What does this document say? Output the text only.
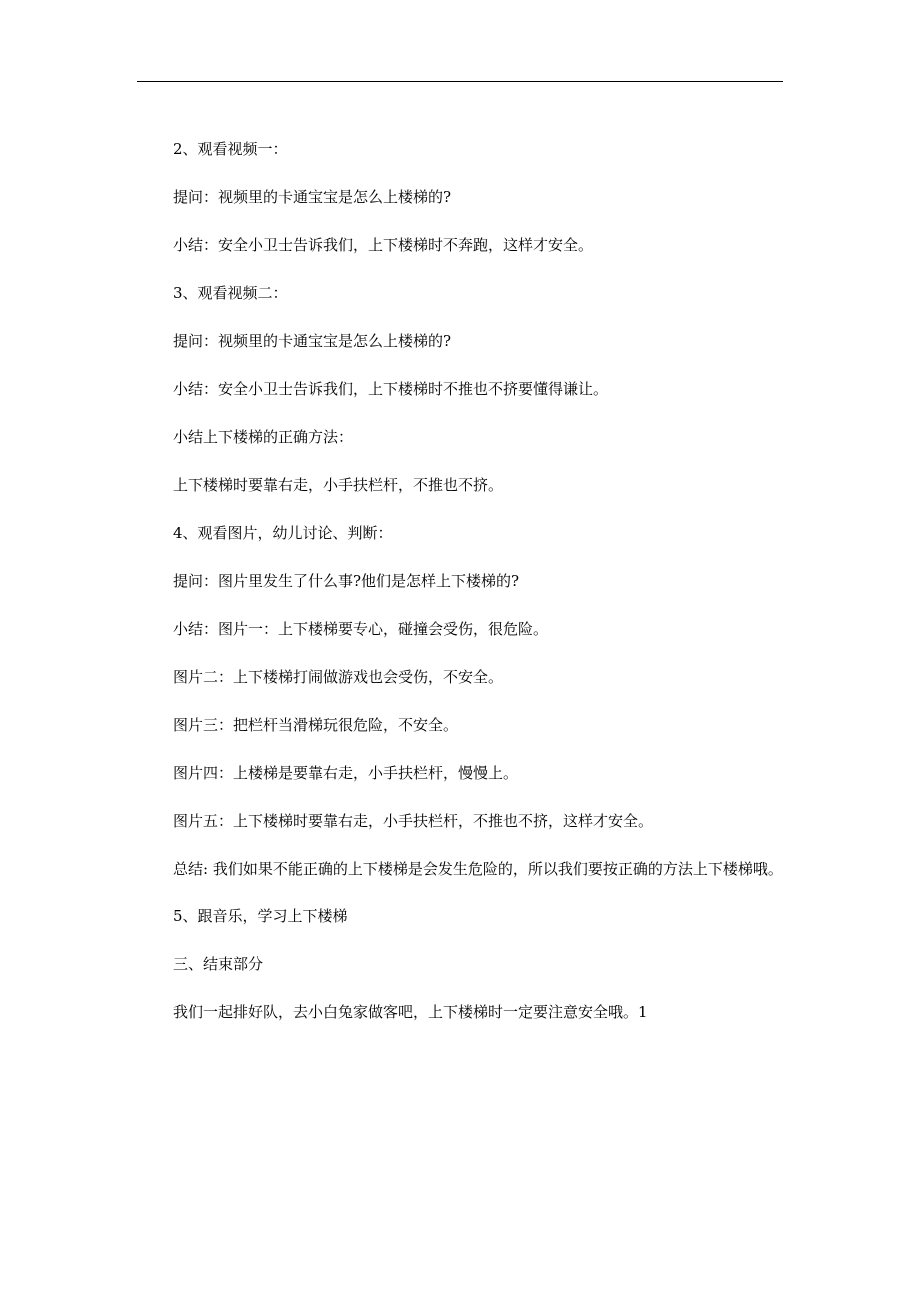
2、观看视频一：

提问：视频里的卡通宝宝是怎么上楼梯的?

小结：安全小卫士告诉我们，上下楼梯时不奔跑，这样才安全。

3、观看视频二：

提问：视频里的卡通宝宝是怎么上楼梯的?

小结：安全小卫士告诉我们，上下楼梯时不推也不挤要懂得谦让。

小结上下楼梯的正确方法：

上下楼梯时要靠右走，小手扶栏杆，不推也不挤。

4、观看图片，幼儿讨论、判断：

提问：图片里发生了什么事?他们是怎样上下楼梯的?

小结：图片一：上下楼梯要专心，碰撞会受伤，很危险。

图片二：上下楼梯打闹做游戏也会受伤，不安全。

图片三：把栏杆当滑梯玩很危险，不安全。

图片四：上楼梯是要靠右走，小手扶栏杆，慢慢上。

图片五：上下楼梯时要靠右走，小手扶栏杆，不推也不挤，这样才安全。

总结: 我们如果不能正确的上下楼梯是会发生危险的，所以我们要按正确的方法上下楼梯哦。

5、跟音乐，学习上下楼梯

三、结束部分

我们一起排好队，去小白兔家做客吧，上下楼梯时一定要注意安全哦。1
